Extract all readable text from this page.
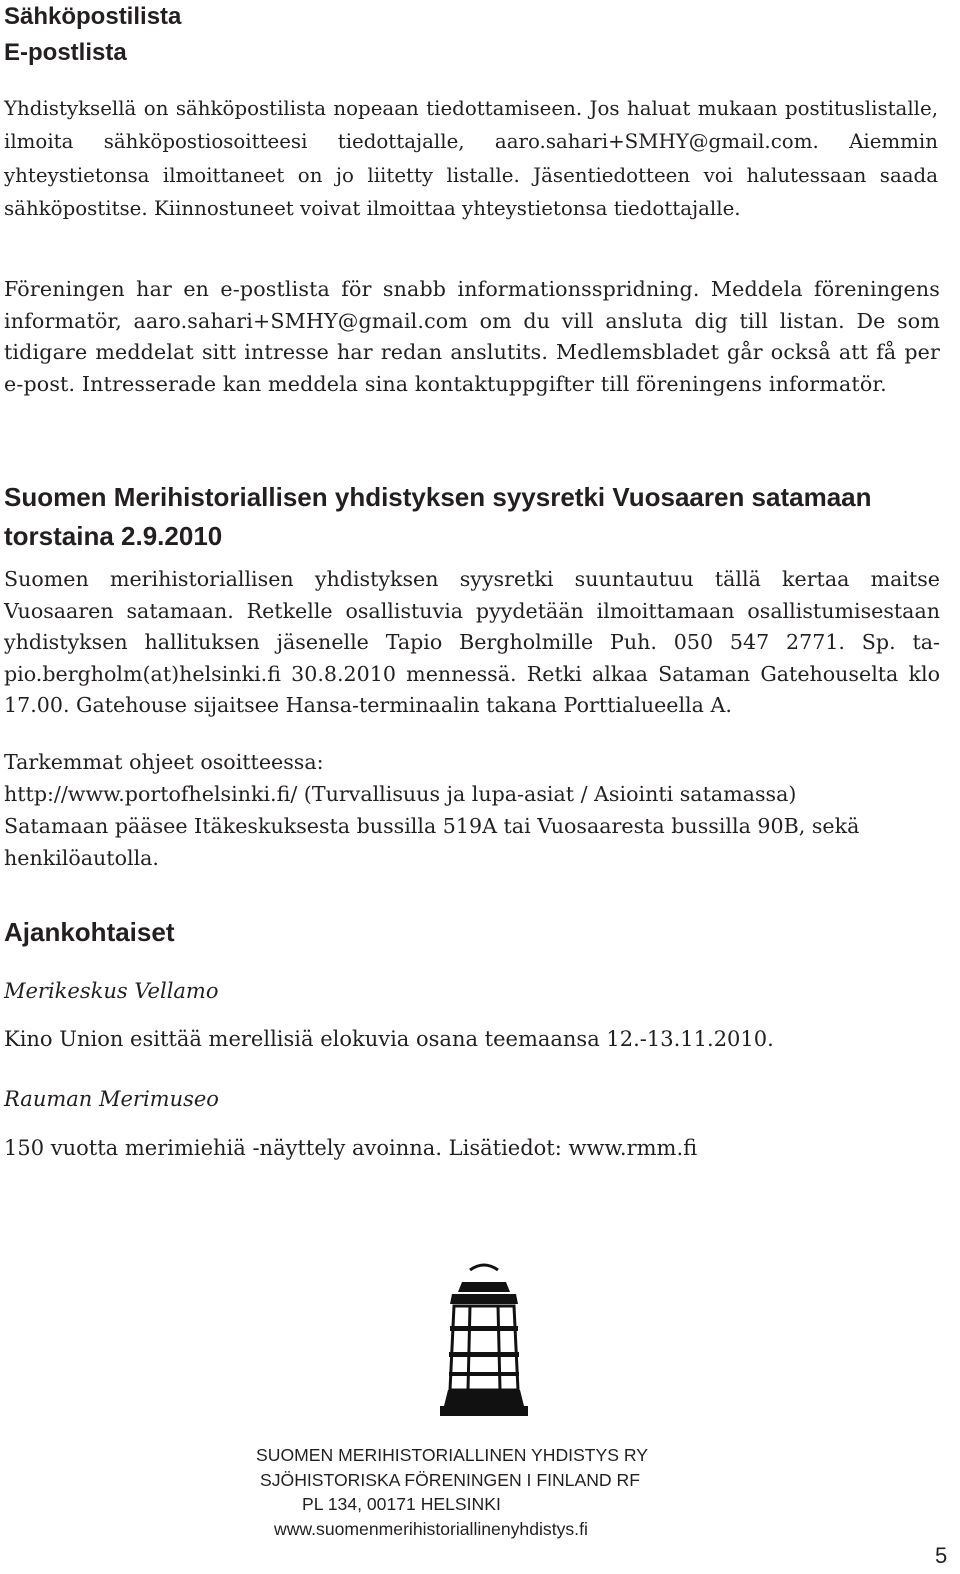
Sähköpostilista
E-postlista
Yhdistyksellä on sähköpostilista nopeaan tiedottamiseen. Jos haluat mukaan postituslistalle, ilmoita sähköpostiosoitteesi tiedottajalle, aaro.sahari+SMHY@gmail.com. Aiemmin yhteystietonsa ilmoittaneet on jo liitetty listalle. Jäsentiedotteen voi halutessaan saada sähköpostitse. Kiinnostuneet voivat ilmoittaa yhteystietonsa tiedottajalle.
Föreningen har en e-postlista för snabb informationsspridning. Meddela föreningens informatör, aaro.sahari+SMHY@gmail.com om du vill ansluta dig till listan. De som tidigare meddelat sitt intresse har redan anslutits. Medlemsbladet går också att få per e-post. Intresserade kan meddela sina kontaktuppgifter till föreningens informatör.
Suomen Merihistoriallisen yhdistyksen syysretki Vuosaaren satamaan torstaina 2.9.2010
Suomen merihistoriallisen yhdistyksen syysretki suuntautuu tällä kertaa maitse Vuosaaren satamaan. Retkelle osallistuvia pyydetään ilmoittamaan osallistumisestaan yhdistyksen hallituksen jäsenelle Tapio Bergholmille Puh. 050 547 2771. Sp. tapio.bergholm(at)helsinki.fi 30.8.2010 mennessä. Retki alkaa Sataman Gatehouselta klo 17.00. Gatehouse sijaitsee Hansa-terminaalin takana Porttialueella A.
Tarkemmat ohjeet osoitteessa:
http://www.portofhelsinki.fi/ (Turvallisuus ja lupa-asiat / Asiointi satamassa)
Satamaan pääsee Itäkeskuksesta bussilla 519A tai Vuosaaresta bussilla 90B, sekä henkilöautolla.
Ajankohtaiset
Merikeskus Vellamo
Kino Union esittää merellisiä elokuvia osana teemaansa 12.-13.11.2010.
Rauman Merimuseo
150 vuotta merimiehiä -näyttely avoinna. Lisätiedot: www.rmm.fi
SUOMEN MERIHISTORIALLINEN YHDISTYS RY
SJÖHISTORISKA FÖRENINGEN I FINLAND RF
PL 134, 00171 HELSINKI
www.suomenmerihistoriallinenyhdistys.fi
5
